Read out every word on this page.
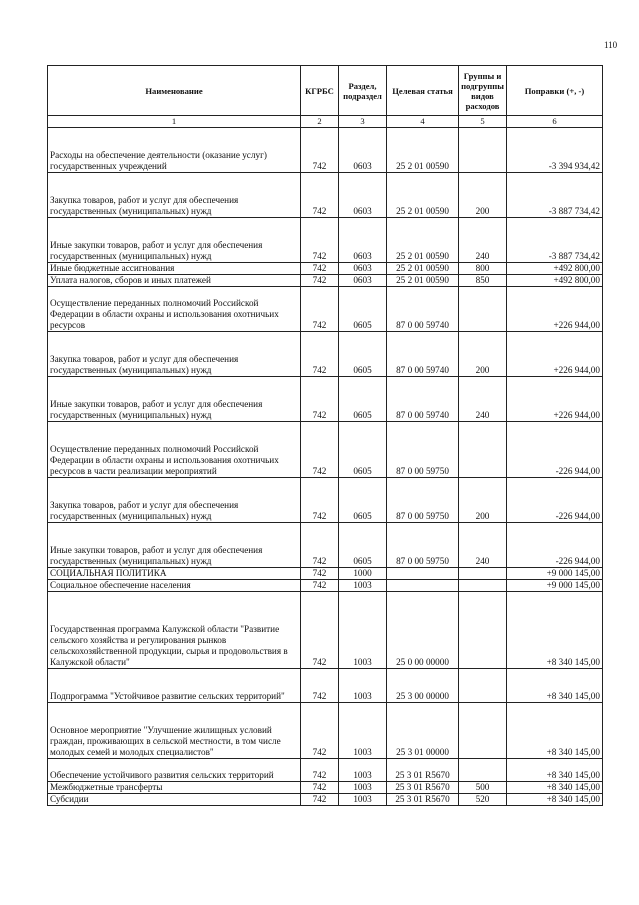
110
Наименование	КГРБС	Раздел, подраздел	Целевая статья	Группы и подгруппы видов расходов	Поправки (+, -)
1	2	3	4	5	6
Расходы на обеспечение деятельности (оказание услуг) государственных учреждений	742	0603	25 2 01 00590		-3 394 934,42
Закупка товаров, работ и услуг для обеспечения государственных (муниципальных) нужд	742	0603	25 2 01 00590	200	-3 887 734,42
Иные закупки товаров, работ и услуг для обеспечения государственных (муниципальных) нужд	742	0603	25 2 01 00590	240	-3 887 734,42
Иные бюджетные ассигнования	742	0603	25 2 01 00590	800	+492 800,00
Уплата налогов, сборов и иных платежей	742	0603	25 2 01 00590	850	+492 800,00
Осуществление переданных полномочий Российской Федерации в области охраны и использования охотничьих ресурсов	742	0605	87 0 00 59740		+226 944,00
Закупка товаров, работ и услуг для обеспечения государственных (муниципальных) нужд	742	0605	87 0 00 59740	200	+226 944,00
Иные закупки товаров, работ и услуг для обеспечения государственных (муниципальных) нужд	742	0605	87 0 00 59740	240	+226 944,00
Осуществление переданных полномочий Российской Федерации в области охраны и использования охотничьих ресурсов в части реализации мероприятий	742	0605	87 0 00 59750		-226 944,00
Закупка товаров, работ и услуг для обеспечения государственных (муниципальных) нужд	742	0605	87 0 00 59750	200	-226 944,00
Иные закупки товаров, работ и услуг для обеспечения государственных (муниципальных) нужд	742	0605	87 0 00 59750	240	-226 944,00
СОЦИАЛЬНАЯ ПОЛИТИКА	742	1000			+9 000 145,00
Социальное обеспечение населения	742	1003			+9 000 145,00
Государственная программа Калужской области "Развитие сельского хозяйства и регулирования рынков сельскохозяйственной продукции, сырья и продовольствия в Калужской области"	742	1003	25 0 00 00000		+8 340 145,00
Подпрограмма "Устойчивое развитие сельских территорий"	742	1003	25 3 00 00000		+8 340 145,00
Основное мероприятие "Улучшение жилищных условий граждан, проживающих в сельской местности, в том числе молодых семей и молодых специалистов"	742	1003	25 3 01 00000		+8 340 145,00
Обеспечение устойчивого развития сельских территорий	742	1003	25 3 01 R5670		+8 340 145,00
Межбюджетные трансферты	742	1003	25 3 01 R5670	500	+8 340 145,00
Субсидии	742	1003	25 3 01 R5670	520	+8 340 145,00
